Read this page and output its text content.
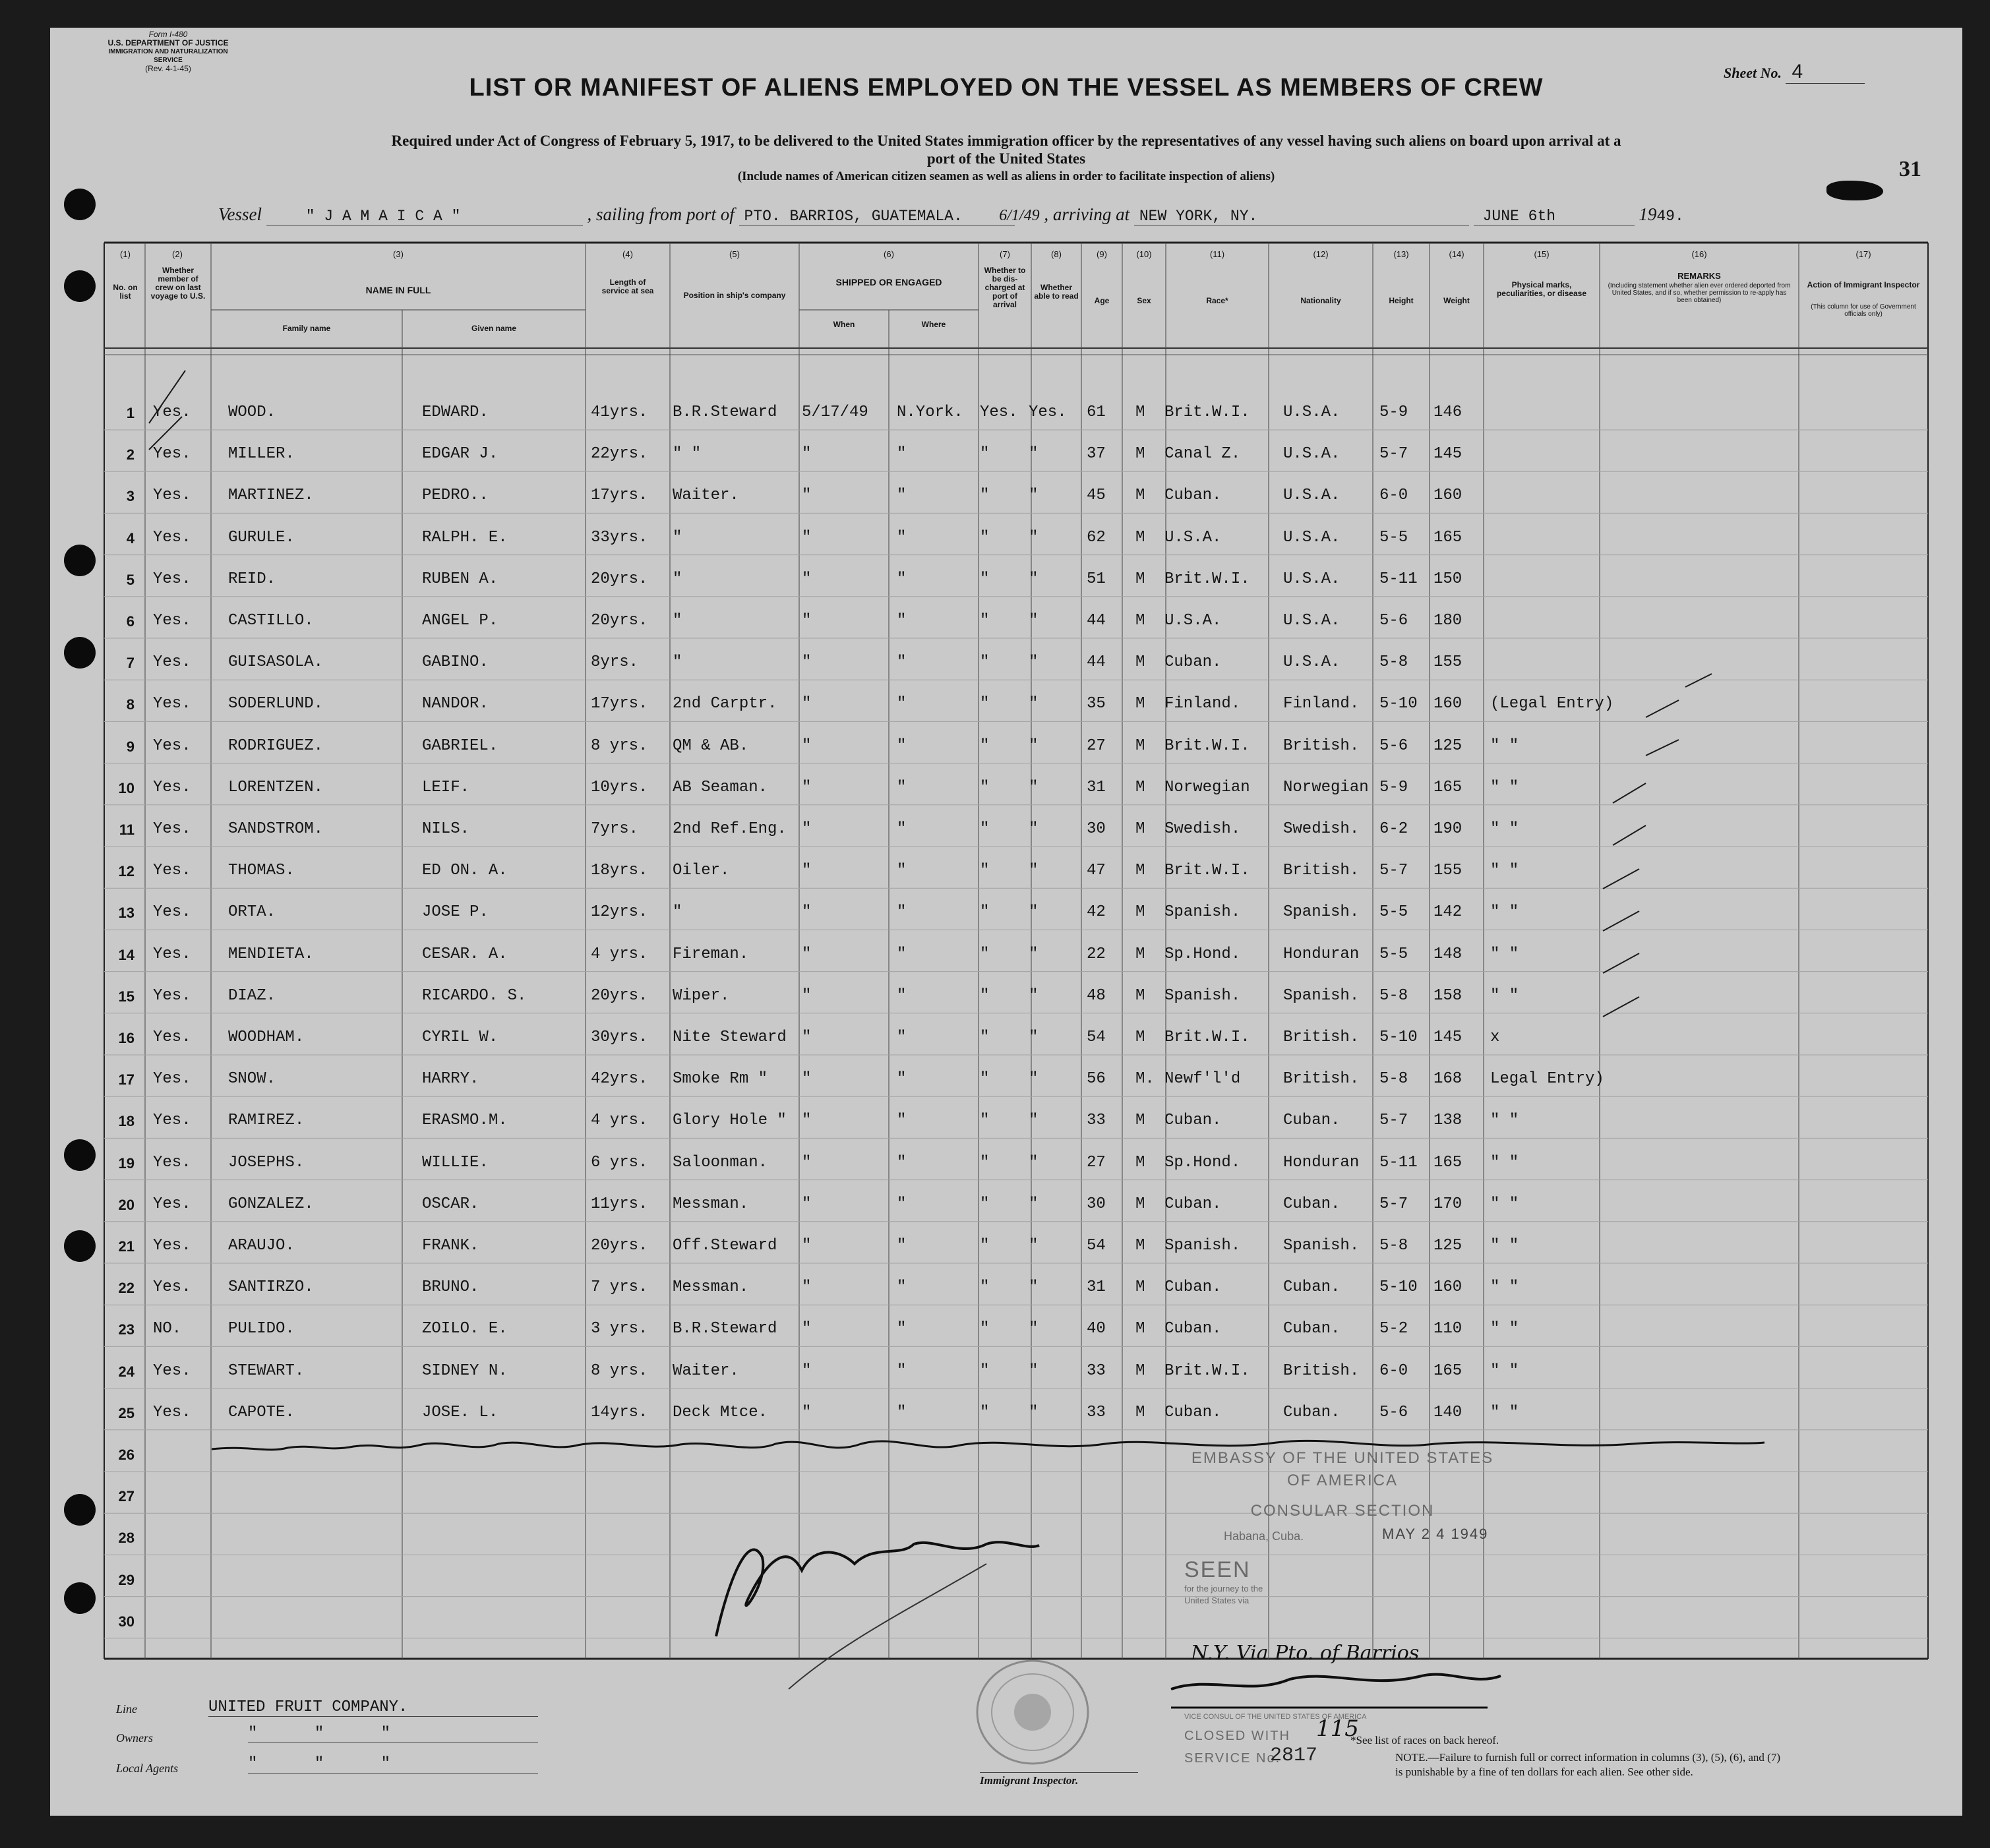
Form I-480
U.S. DEPARTMENT OF JUSTICE
IMMIGRATION AND NATURALIZATION SERVICE
(Rev. 4-1-45)	Sheet No. 4
LIST OR MANIFEST OF ALIENS EMPLOYED ON THE VESSEL AS MEMBERS OF CREW
Required under Act of Congress of February 5, 1917, to be delivered to the United States immigration officer by the representatives of any vessel having such aliens on board upon arrival at a
port of the United States
(Include names of American citizen seamen as well as aliens in order to facilitate inspection of aliens)	31
Vessel	" J A M A I C A "	, sailing from port of PTO. BARRIOS, GUATEMALA. 6/1/49 , arriving at NEW YORK, NY.	JUNE 6th	1949.
(1)
No. on list
(2)
Whether member of crew on last voyage to U.S.
(3)
NAME IN FULL
Family name	Given name
(4)
Length of service at sea
(5)
Position in ship's company
(6)
SHIPPED OR ENGAGED
When	Where
(7)
Whether to be dis-charged at port of arrival
(8)
Whether able to read
(9)
Age
(10)
Sex
(11)
Race*
(12)
Nationality
(13)
Height
(14)
Weight
(15)
Physical marks, peculiarities, or disease
(16)
REMARKS
(Including statement whether alien ever ordered deported from United States, and if so, whether permission to re-apply has been obtained)
(17)
Action of Immigrant Inspector
(This column for use of Government officials only)
1 Yes. WOOD.	EDWARD.	41yrs. B.R.Steward 5/17/49 N.York. Yes. Yes. 61 M Brit.W.I. U.S.A. 5-9 146
2 Yes. MILLER.	EDGAR J.	22yrs. " "	"	"	" "	37 M Canal Z.	U.S.A. 5-7 145
3 Yes. MARTINEZ.	PEDRO..	17yrs. Waiter.	"	"	" "	45 M Cuban.	U.S.A. 6-0 160
4 Yes. GURULE.	RALPH. E.	33yrs. "	"	"	" "	62 M U.S.A.	U.S.A. 5-5 165
5 Yes. REID.	RUBEN A.	20yrs. "	"	"	" "	51 M Brit.W.I. U.S.A. 5-11 150
6 Yes. CASTILLO.	ANGEL P.	20yrs. "	"	"	" "	44 M U.S.A.	U.S.A. 5-6 180
7 Yes. GUISASOLA.	GABINO.	8yrs. "	"	"	" "	44 M Cuban.	U.S.A. 5-8 155
8 Yes. SODERLUND.	NANDOR.	17yrs. 2nd Carptr. "	"	" "	35 M Finland.	Finland. 5-10 160 (Legal Entry)
9 Yes. RODRIGUEZ.	GABRIEL.	8 yrs. QM & AB.	"	"	" "	27 M Brit.W.I. British. 5-6 125 " "
10 Yes. LORENTZEN.	LEIF.	10yrs. AB Seaman. "	"	" "	31 M Norwegian Norwegian 5-9 165 " "
11 Yes. SANDSTROM.	NILS.	7yrs. 2nd Ref.Eng. "	"	" "	30 M Swedish.	Swedish. 6-2 190 " "
12 Yes. THOMAS.	ED ON. A.	18yrs. Oiler.	"	"	" "	47 M Brit.W.I. British. 5-7 155 " "
13 Yes. ORTA.	JOSE P.	12yrs. "	"	"	" "	42 M Spanish.	Spanish. 5-5 142 " "
14 Yes. MENDIETA.	CESAR. A.	4 yrs. Fireman.	"	"	" "	22 M Sp.Hond.	Honduran 5-5 148 " "
15 Yes. DIAZ.	RICARDO. S.	20yrs. Wiper.	"	"	" "	48 M Spanish.	Spanish. 5-8 158 " "
16 Yes. WOODHAM.	CYRIL W.	30yrs. Nite Steward "	"	" "	54 M Brit.W.I. British. 5-10 145 x
17 Yes. SNOW.	HARRY.	42yrs. Smoke Rm " "	"	" "	56 M. Newf'l'd	British. 5-8 168 Legal Entry)
18 Yes. RAMIREZ.	ERASMO.M.	4 yrs. Glory Hole " "	"	" "	33 M Cuban.	Cuban. 5-7 138 " "
19 Yes. JOSEPHS.	WILLIE.	6 yrs. Saloonman. "	"	" "	27 M Sp.Hond.	Honduran 5-11 165 " "
20 Yes. GONZALEZ.	OSCAR.	11yrs. Messman.	"	"	" "	30 M Cuban.	Cuban. 5-7 170 " "
21 Yes. ARAUJO.	FRANK.	20yrs. Off.Steward "	"	" "	54 M Spanish.	Spanish. 5-8 125 " "
22 Yes. SANTIRZO.	BRUNO.	7 yrs. Messman.	"	"	" "	31 M Cuban.	Cuban. 5-10 160 " "
23 NO.	PULIDO.	ZOILO. E.	3 yrs. B.R.Steward "	"	" "	40 M Cuban.	Cuban. 5-2 110 " "
24 Yes. STEWART.	SIDNEY N.	8 yrs. Waiter.	"	"	" "	33 M Brit.W.I. British. 6-0 165 " "
25 Yes. CAPOTE.	JOSE. L.	14yrs. Deck Mtce. "	"	" "	33 M Cuban.	Cuban. 5-6 140 " "
26
27
28
29
30
N.Y. Via Pto. of Barrios
EMBASSY OF THE UNITED STATES
OF AMERICA
CONSULAR SECTION
Habana, Cuba.	MAY 2 4 1949
SEEN
for the journey to the
United States via
VICE CONSUL OF THE UNITED STATES OF AMERICA
CLOSED WITH 115
SERVICE No.
2817
Line	UNITED FRUIT COMPANY.
Owners	"      "      "
Local Agents	"      "      "
Immigrant Inspector.
*See list of races on back hereof.
NOTE.—Failure to furnish full or correct information in columns (3), (5), (6), and (7)
is punishable by a fine of ten dollars for each alien. See other side.
